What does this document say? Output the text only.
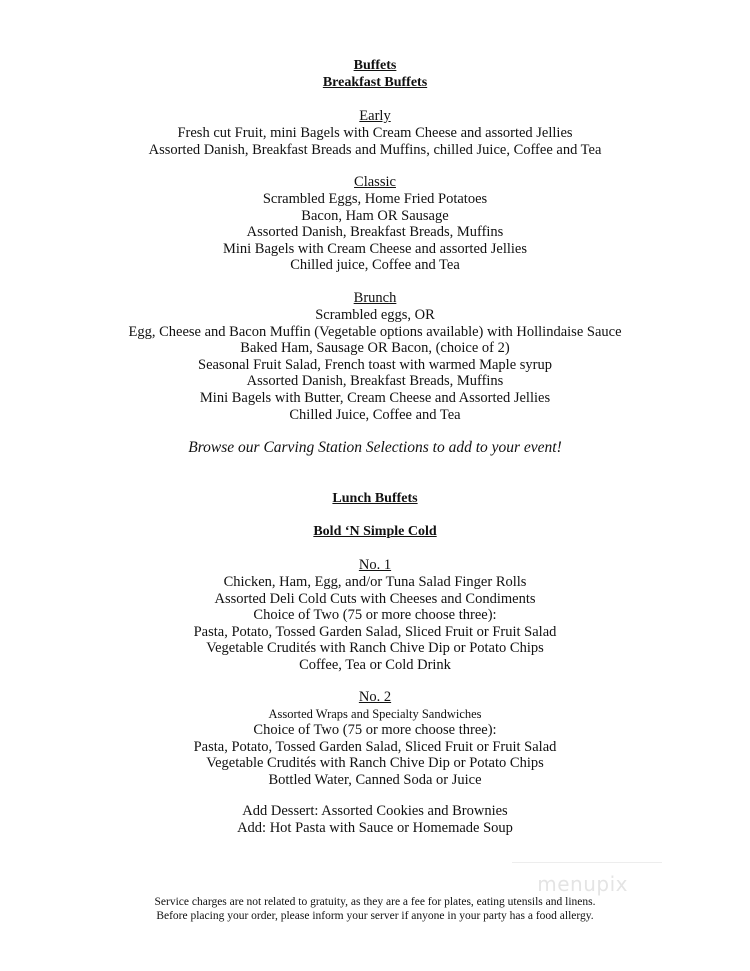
Buffets
Breakfast Buffets
Early
Fresh cut Fruit, mini Bagels with Cream Cheese and assorted Jellies
Assorted Danish, Breakfast Breads and Muffins, chilled Juice, Coffee and Tea
Classic
Scrambled Eggs, Home Fried Potatoes
Bacon, Ham OR Sausage
Assorted Danish, Breakfast Breads, Muffins
Mini Bagels with Cream Cheese and assorted Jellies
Chilled juice, Coffee and Tea
Brunch
Scrambled eggs, OR
Egg, Cheese and Bacon Muffin (Vegetable options available) with Hollindaise Sauce
Baked Ham, Sausage OR Bacon, (choice of 2)
Seasonal Fruit Salad, French toast with warmed Maple syrup
Assorted Danish, Breakfast Breads, Muffins
Mini Bagels with Butter, Cream Cheese and Assorted Jellies
Chilled Juice, Coffee and Tea
Browse our Carving Station Selections to add to your event!
Lunch Buffets
Bold ‘N Simple Cold
No. 1
Chicken, Ham, Egg, and/or Tuna Salad Finger Rolls
Assorted Deli Cold Cuts with Cheeses and Condiments
Choice of Two (75 or more choose three):
Pasta, Potato, Tossed Garden Salad, Sliced Fruit or Fruit Salad
Vegetable Crudités with Ranch Chive Dip or Potato Chips
Coffee, Tea or Cold Drink
No. 2
Assorted Wraps and Specialty Sandwiches
Choice of Two (75 or more choose three):
Pasta, Potato, Tossed Garden Salad, Sliced Fruit or Fruit Salad
Vegetable Crudités with Ranch Chive Dip or Potato Chips
Bottled Water, Canned Soda or Juice
Add Dessert: Assorted Cookies and Brownies
Add: Hot Pasta with Sauce or Homemade Soup
Service charges are not related to gratuity, as they are a fee for plates, eating utensils and linens.
Before placing your order, please inform your server if anyone in your party has a food allergy.
menupix
